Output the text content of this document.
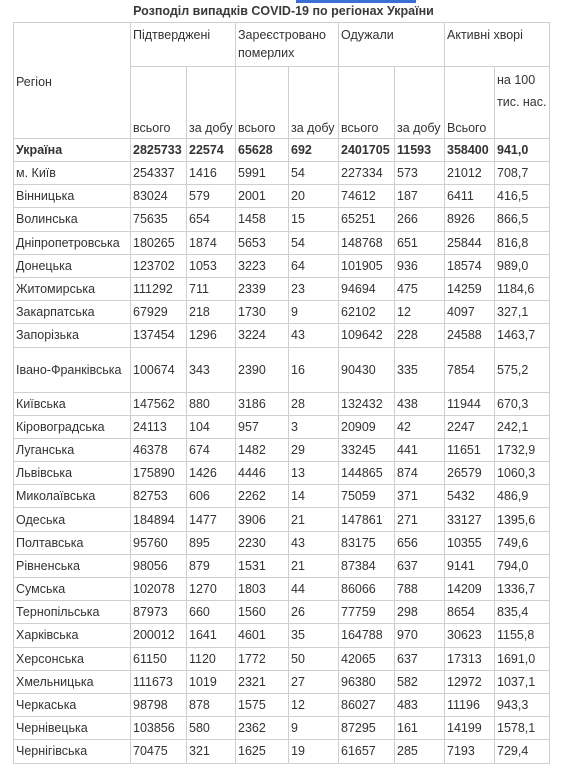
Розподіл випадків COVID-19 по регіонах України
Регіон	Підтверджені		Зареєстровано померлих		Одужали		Активні хворі	
	всього	за добу	всього	за добу	всього	за добу	Всього	на 100 тис. нас.
Україна	2825733	22574	65628	692	2401705	11593	358400	941,0
м. Київ	254337	1416	5991	54	227334	573	21012	708,7
Вінницька	83024	579	2001	20	74612	187	6411	416,5
Волинська	75635	654	1458	15	65251	266	8926	866,5
Дніпропетровська	180265	1874	5653	54	148768	651	25844	816,8
Донецька	123702	1053	3223	64	101905	936	18574	989,0
Житомирська	111292	711	2339	23	94694	475	14259	1184,6
Закарпатська	67929	218	1730	9	62102	12	4097	327,1
Запорізька	137454	1296	3224	43	109642	228	24588	1463,7
Івано-Франківська	100674	343	2390	16	90430	335	7854	575,2
Київська	147562	880	3186	28	132432	438	11944	670,3
Кіровоградська	24113	104	957	3	20909	42	2247	242,1
Луганська	46378	674	1482	29	33245	441	11651	1732,9
Львівська	175890	1426	4446	13	144865	874	26579	1060,3
Миколаївська	82753	606	2262	14	75059	371	5432	486,9
Одеська	184894	1477	3906	21	147861	271	33127	1395,6
Полтавська	95760	895	2230	43	83175	656	10355	749,6
Рівненська	98056	879	1531	21	87384	637	9141	794,0
Сумська	102078	1270	1803	44	86066	788	14209	1336,7
Тернопільська	87973	660	1560	26	77759	298	8654	835,4
Харківська	200012	1641	4601	35	164788	970	30623	1155,8
Херсонська	61150	1120	1772	50	42065	637	17313	1691,0
Хмельницька	111673	1019	2321	27	96380	582	12972	1037,1
Черкаська	98798	878	1575	12	86027	483	11196	943,3
Чернівецька	103856	580	2362	9	87295	161	14199	1578,1
Чернігівська	70475	321	1625	19	61657	285	7193	729,4
